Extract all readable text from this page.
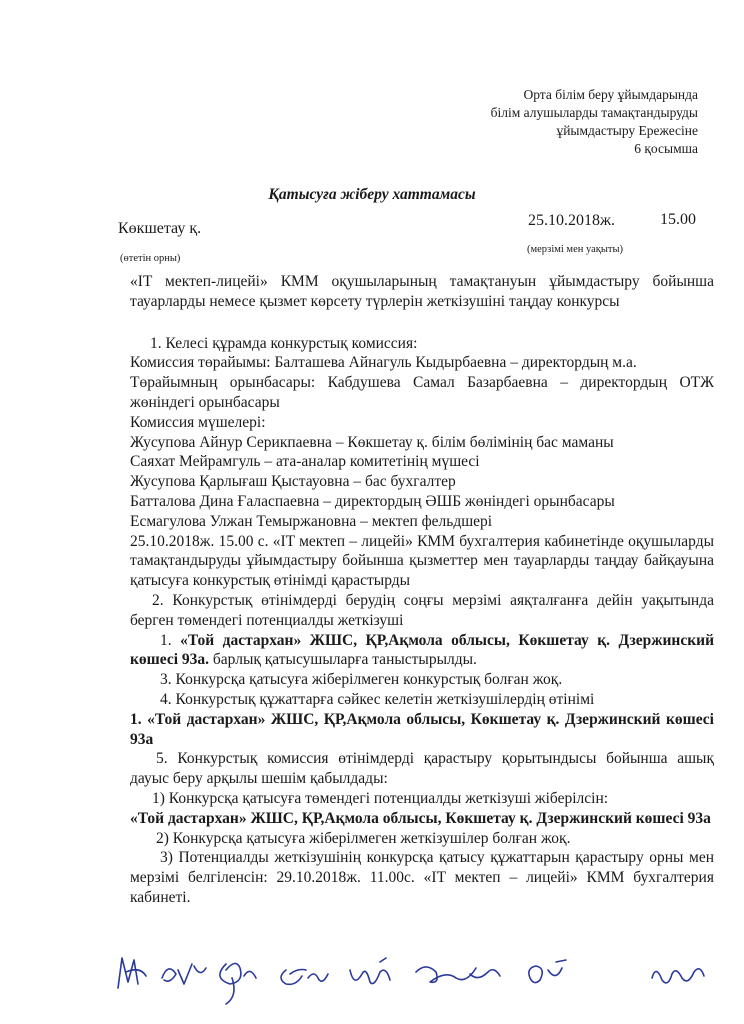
Орта білім беру ұйымдарында
білім алушыларды тамақтандыруды
ұйымдастыру Ережесіне
6 қосымша
Қатысуға жіберу хаттамасы
Көкшетау қ.	25.10.2018ж.	15.00
(өтетін орны)
(мерзімі мен уақыты)

«IT мектеп-лицейі» КММ оқушыларының тамақтануын ұйымдастыру бойынша тауарларды немесе қызмет көрсету түрлерін жеткізушіні таңдау конкурсы

1. Келесі құрамда конкурстық комиссия:

Комиссия төрайымы: Балташева Айнагуль Кыдырбаевна – директордың м.а.

Төрайымның орынбасары: Кабдушева Самал Базарбаевна – директордың ОТЖ жөніндегі орынбасары

Комиссия мүшелері:

Жусупова Айнур Серикпаевна – Көкшетау қ. білім бөлімінің бас маманы

Саяхат Мейрамгуль – ата-аналар комитетінің мүшесі

Жусупова Қарлығаш Қыстауовна – бас бухгалтер

Батталова Дина Ғаласпаевна – директордың ӘШБ жөніндегі орынбасары

Есмагулова Улжан Темыржановна – мектеп фельдшері

25.10.2018ж. 15.00 с. «IT мектеп – лицейі» КММ бухгалтерия кабинетінде оқушыларды тамақтандыруды ұйымдастыру бойынша қызметтер мен тауарларды таңдау байқауына қатысуға конкурстық өтінімді қарастырды

2. Конкурстық өтінімдерді берудің соңғы мерзімі аяқталғанға дейін уақытында берген төмендегі потенциалды жеткізуші

1. «Той дастархан» ЖШС, ҚР,Ақмола облысы, Көкшетау қ. Дзержинский көшесі 93а. барлық қатысушыларға таныстырылды.

3. Конкурсқа қатысуға жіберілмеген конкурстық болған жоқ.

4. Конкурстық құжаттарға сәйкес келетін жеткізушілердің өтінімі

1. «Той дастархан» ЖШС, ҚР,Ақмола облысы, Көкшетау қ. Дзержинский көшесі 93а

5. Конкурстық комиссия өтінімдерді қарастыру қорытындысы бойынша ашық дауыс беру арқылы шешім қабылдады:

1) Конкурсқа қатысуға төмендегі потенциалды жеткізуші жіберілсін:

«Той дастархан» ЖШС, ҚР,Ақмола облысы, Көкшетау қ. Дзержинский көшесі 93а

2) Конкурсқа қатысуға жіберілмеген жеткізушілер болған жоқ.

3) Потенциалды жеткізушінің конкурсқа қатысу құжаттарын қарастыру орны мен мерзімі белгіленсін: 29.10.2018ж. 11.00с. «IT мектеп – лицейі» КММ бухгалтерия кабинеті.
